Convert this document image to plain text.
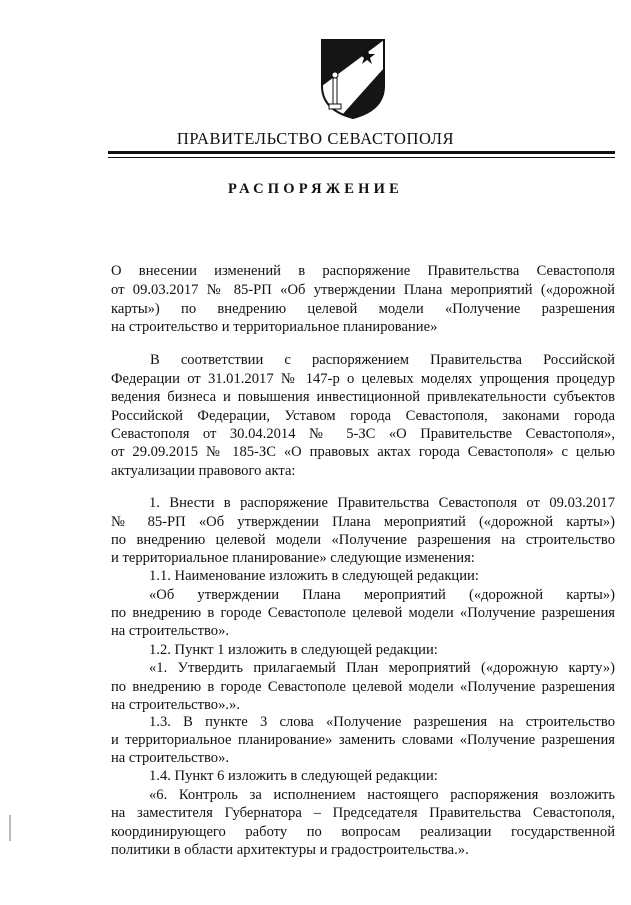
ПРАВИТЕЛЬСТВО СЕВАСТОПОЛЯ
РАСПОРЯЖЕНИЕ
О внесении изменений в распоряжение Правительства Севастополя
от 09.03.2017 № 85-РП «Об утверждении Плана мероприятий («дорожной
карты») по внедрению целевой модели «Получение разрешения
на строительство и территориальное планирование»
В соответствии с распоряжением Правительства Российской
Федерации от 31.01.2017 № 147-р о целевых моделях упрощения процедур
ведения бизнеса и повышения инвестиционной привлекательности субъектов
Российской Федерации, Уставом города Севастополя, законами города
Севастополя от 30.04.2014 № 5-ЗС «О Правительстве Севастополя»,
от 29.09.2015 № 185-ЗС «О правовых актах города Севастополя» с целью
актуализации правового акта:
1. Внести в распоряжение Правительства Севастополя от 09.03.2017
№ 85-РП «Об утверждении Плана мероприятий («дорожной карты»)
по внедрению целевой модели «Получение разрешения на строительство
и территориальное планирование» следующие изменения:
1.1. Наименование изложить в следующей редакции:
«Об утверждении Плана мероприятий («дорожной карты»)
по внедрению в городе Севастополе целевой модели «Получение разрешения
на строительство».
1.2. Пункт 1 изложить в следующей редакции:
«1. Утвердить прилагаемый План мероприятий («дорожную карту»)
по внедрению в городе Севастополе целевой модели «Получение разрешения
на строительство».».
1.3. В пункте 3 слова «Получение разрешения на строительство
и территориальное планирование» заменить словами «Получение разрешения
на строительство».
1.4. Пункт 6 изложить в следующей редакции:
«6. Контроль за исполнением настоящего распоряжения возложить
на заместителя Губернатора – Председателя Правительства Севастополя,
координирующего работу по вопросам реализации государственной
политики в области архитектуры и градостроительства.».
